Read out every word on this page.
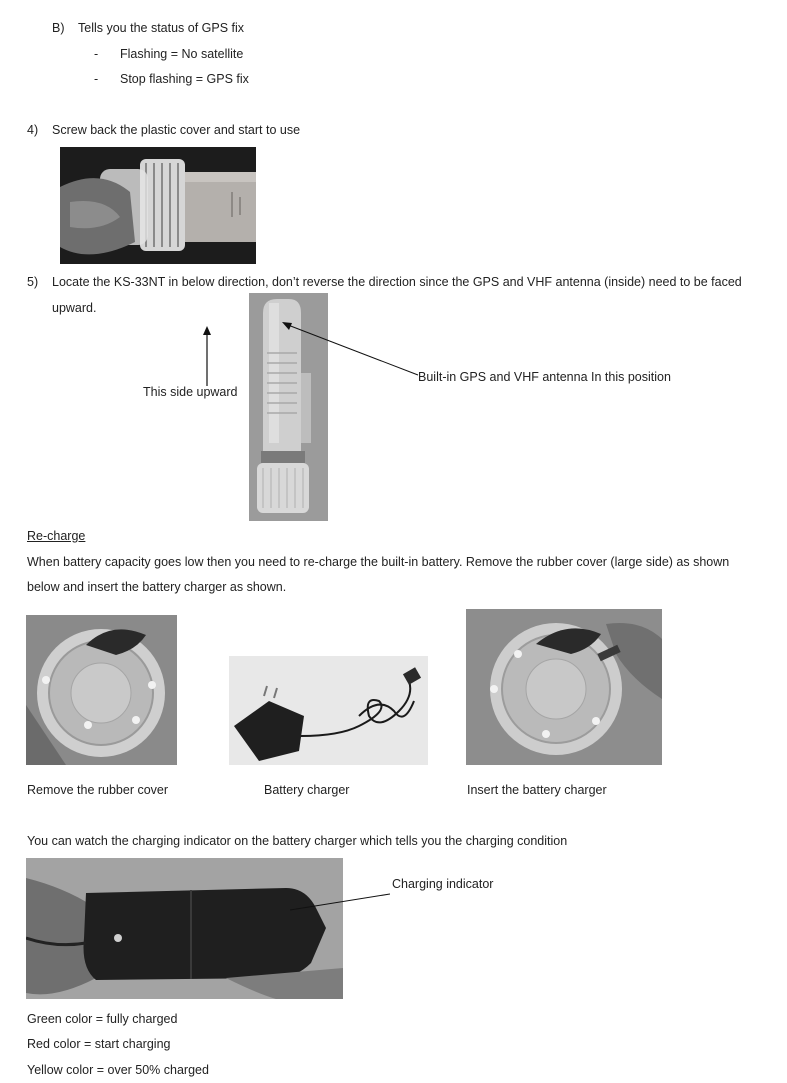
B) Tells you the status of GPS fix
- Flashing = No satellite
- Stop flashing = GPS fix
4) Screw back the plastic cover and start to use
5) Locate the KS-33NT in below direction, don’t reverse the direction since the GPS and VHF antenna (inside) need to be faced
upward.
This side upward
Built-in GPS and VHF antenna In this position
Re-charge
When battery capacity goes low then you need to re-charge the built-in battery. Remove the rubber cover (large side) as shown
below and insert the battery charger as shown.
Remove the rubber cover	Battery charger	Insert the battery charger
You can watch the charging indicator on the battery charger which tells you the charging condition
Charging indicator
Green color = fully charged
Red color = start charging
Yellow color = over 50% charged
